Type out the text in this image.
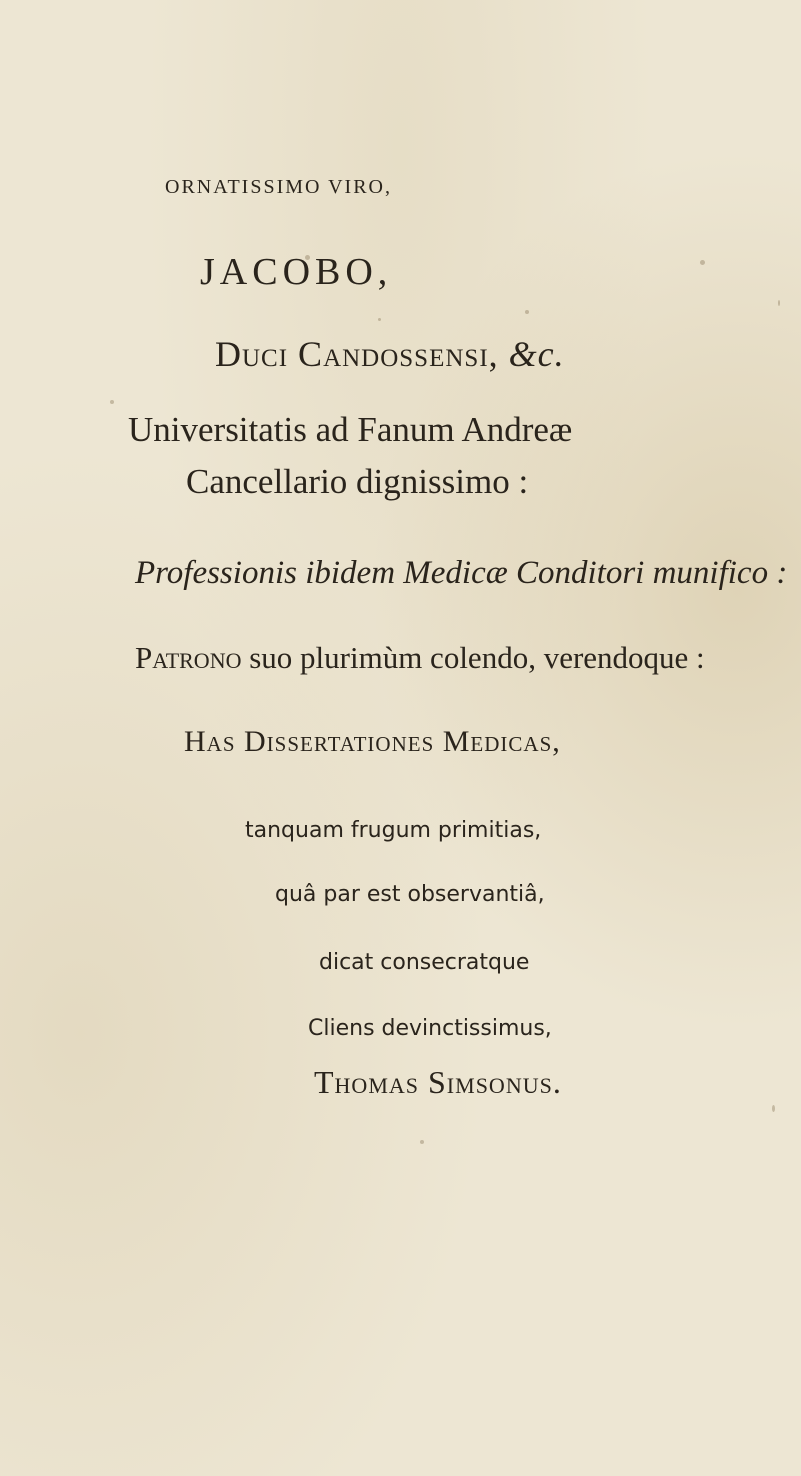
ORNATISSIMO VIRO,
JACOBO,
Duci Candossensi, &c.
Universitatis ad Fanum Andreæ
Cancellario dignissimo :
Professionis ibidem Medicæ Conditori munifico :
Patrono suo plurimùm colendo, verendoque :
Has Dissertationes Medicas,
tanquam frugum primitias,
quâ par est observantiâ,
dicat consecratque
Cliens devinctissimus,
Thomas Simsonus.
